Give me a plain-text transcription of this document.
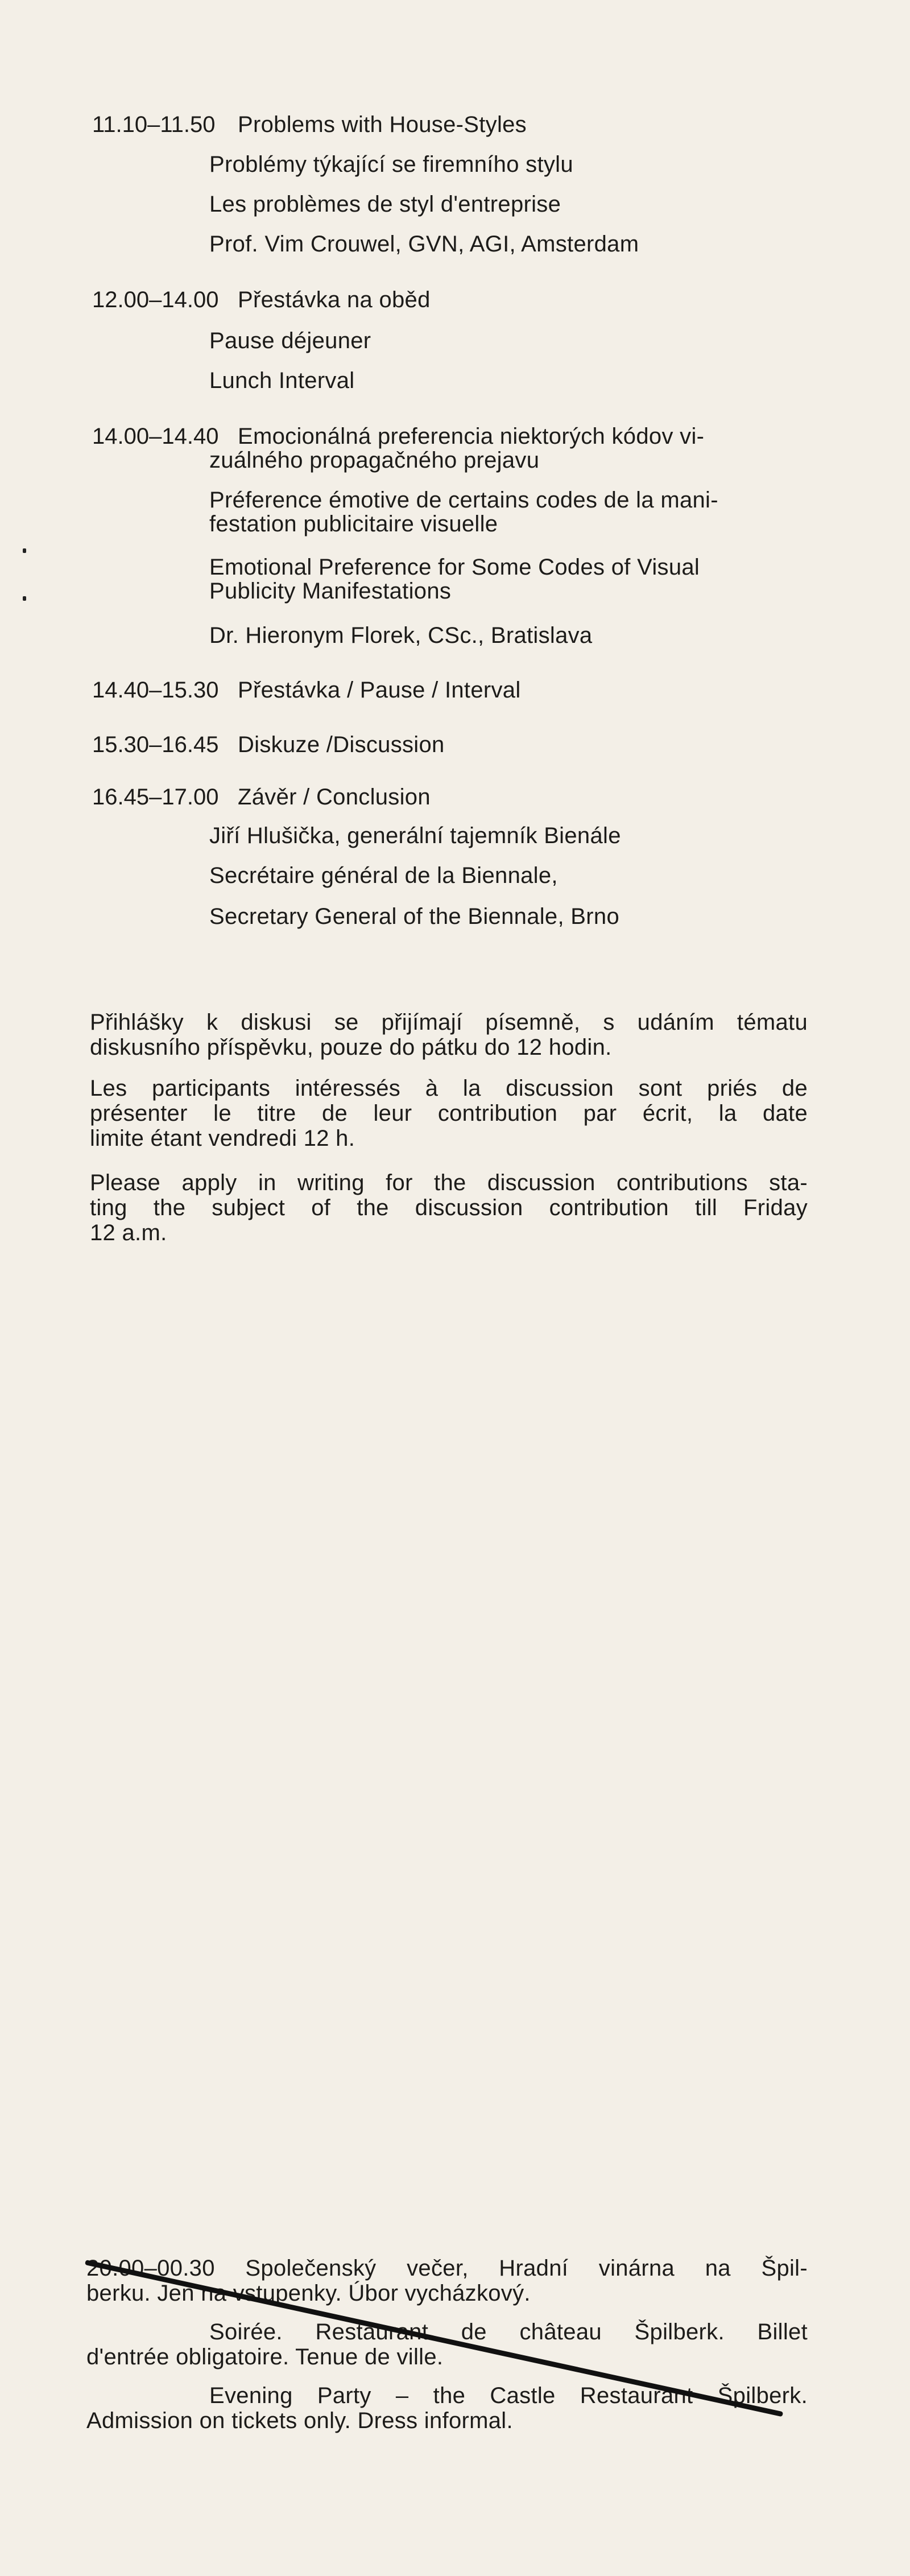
11.10–11.50 Problems with House-Styles
Problémy týkající se firemního stylu
Les problèmes de styl d'entreprise
Prof. Vim Crouwel, GVN, AGI, Amsterdam
12.00–14.00 Přestávka na oběd
Pause déjeuner
Lunch Interval
14.00–14.40 Emocionálná preferencia niektorých kódov vi-
zuálného propagačného prejavu
Préference émotive de certains codes de la mani-
festation publicitaire visuelle
Emotional Preference for Some Codes of Visual
Publicity Manifestations
Dr. Hieronym Florek, CSc., Bratislava
14.40–15.30 Přestávka / Pause / Interval
15.30–16.45 Diskuze /Discussion
16.45–17.00 Závěr / Conclusion
Jiří Hlušička, generální tajemník Bienále
Secrétaire général de la Biennale,
Secretary General of the Biennale, Brno
Přihlášky k diskusi se přijímají písemně, s udáním tématu
diskusního příspěvku, pouze do pátku do 12 hodin.
Les participants intéressés à la discussion sont priés de
présenter le titre de leur contribution par écrit, la date
limite étant vendredi 12 h.
Please apply in writing for the discussion contributions sta-
ting the subject of the discussion contribution till Friday
12 a.m.
20.00–00.30 Společenský večer, Hradní vinárna na Špil-
berku. Jen na vstupenky. Úbor vycházkový.
Soirée. Restaurant de château Špilberk. Billet
d'entrée obligatoire. Tenue de ville.
Evening Party – the Castle Restaurant Špilberk.
Admission on tickets only. Dress informal.
